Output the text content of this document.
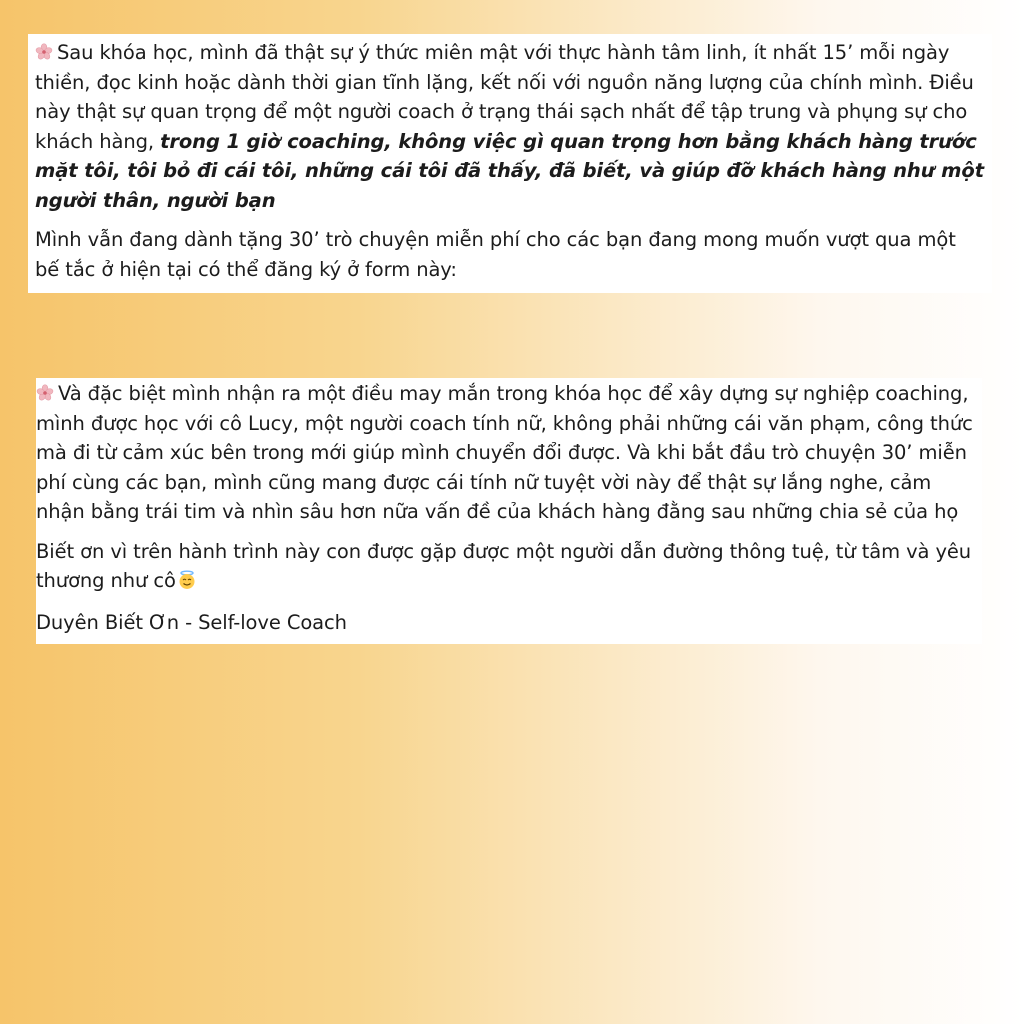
Sau khóa học, mình đã thật sự ý thức miên mật với thực hành tâm linh, ít nhất 15’ mỗi ngày thiền, đọc kinh hoặc dành thời gian tĩnh lặng, kết nối với nguồn năng lượng của chính mình. Điều này thật sự quan trọng để một người coach ở trạng thái sạch nhất để tập trung và phụng sự cho khách hàng, trong 1 giờ coaching, không việc gì quan trọng hơn bằng khách hàng trước mặt tôi, tôi bỏ đi cái tôi, những cái tôi đã thấy, đã biết, và giúp đỡ khách hàng như một người thân, người bạn

Mình vẫn đang dành tặng 30’ trò chuyện miễn phí cho các bạn đang mong muốn vượt qua một bế tắc ở hiện tại có thể đăng ký ở form này:

Và đặc biệt mình nhận ra một điều may mắn trong khóa học để xây dựng sự nghiệp coaching, mình được học với cô Lucy, một người coach tính nữ, không phải những cái văn phạm, công thức mà đi từ cảm xúc bên trong mới giúp mình chuyển đổi được. Và khi bắt đầu trò chuyện 30’ miễn phí cùng các bạn, mình cũng mang được cái tính nữ tuyệt vời này để thật sự lắng nghe, cảm nhận bằng trái tim và nhìn sâu hơn nữa vấn đề của khách hàng đằng sau những chia sẻ của họ

Biết ơn vì trên hành trình này con được gặp được một người dẫn đường thông tuệ, từ tâm và yêu thương như cô

Duyên Biết Ơn - Self-love Coach
